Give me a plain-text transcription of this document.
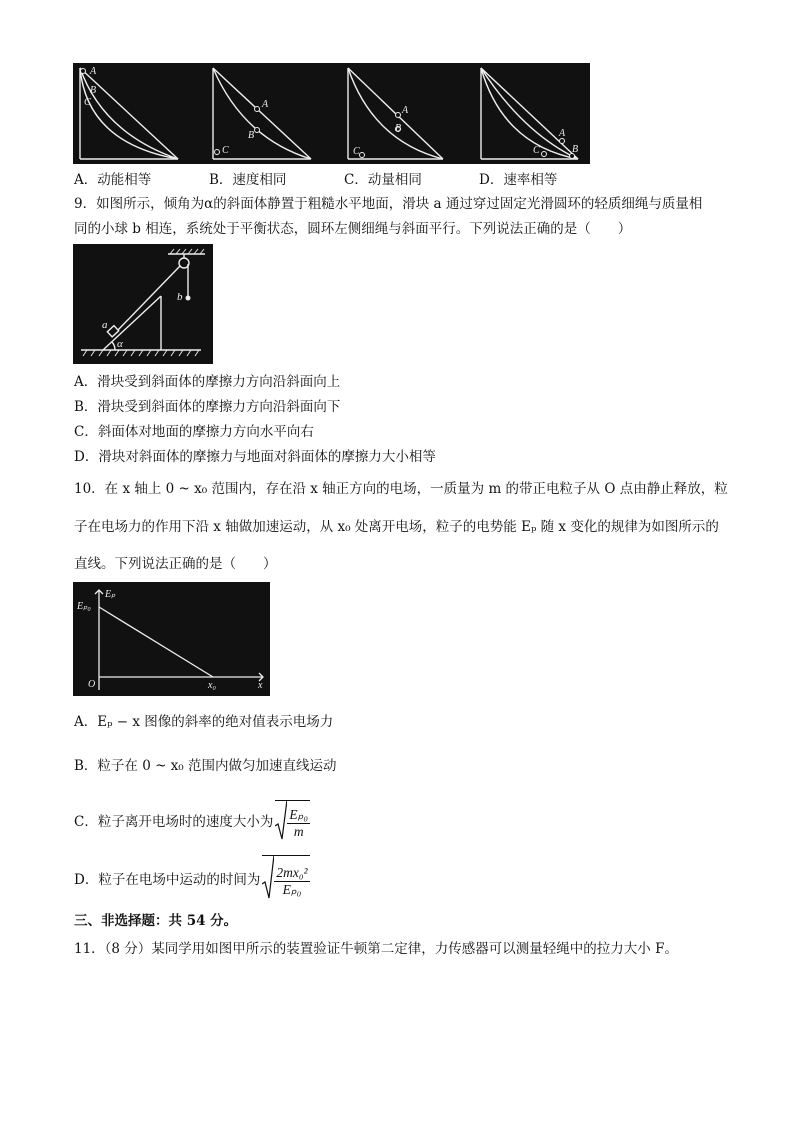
A
B
C	A
B
C
A
B
C
A
B
C
A．动能相等	B．速度相同	C．动量相同	D．速率相等
9．如图所示，倾角为α的斜面体静置于粗糙水平地面，滑块 a 通过穿过固定光滑圆环的轻质细绳与质量相
同的小球 b 相连，系统处于平衡状态，圆环左侧细绳与斜面平行。下列说法正确的是（　　）
b
a
α
A．滑块受到斜面体的摩擦力方向沿斜面向上
B．滑块受到斜面体的摩擦力方向沿斜面向下
C．斜面体对地面的摩擦力方向水平向右
D．滑块对斜面体的摩擦力与地面对斜面体的摩擦力大小相等
10．在 x 轴上 0 ~ x₀ 范围内，存在沿 x 轴正方向的电场，一质量为 m 的带正电粒子从 O 点由静止释放，粒
子在电场力的作用下沿 x 轴做加速运动，从 x₀ 处离开电场，粒子的电势能 Eₚ 随 x 变化的规律为如图所示的
直线。下列说法正确的是（　　）
Eₚ
Eₚ₀
O	x₀	x
A．Eₚ − x 图像的斜率的绝对值表示电场力
B．粒子在 0 ~ x₀ 范围内做匀加速直线运动
C．粒子离开电场时的速度大小为 $\frac{\text{Eₚ₀}}{m}$
D．粒子在电场中运动的时间为 $\frac{\text{2mx₀²}}{\text{Eₚ₀}}$
三、非选择题：共 54 分。
11．（8 分）某同学用如图甲所示的装置验证牛顿第二定律，力传感器可以测量轻绳中的拉力大小 F。
